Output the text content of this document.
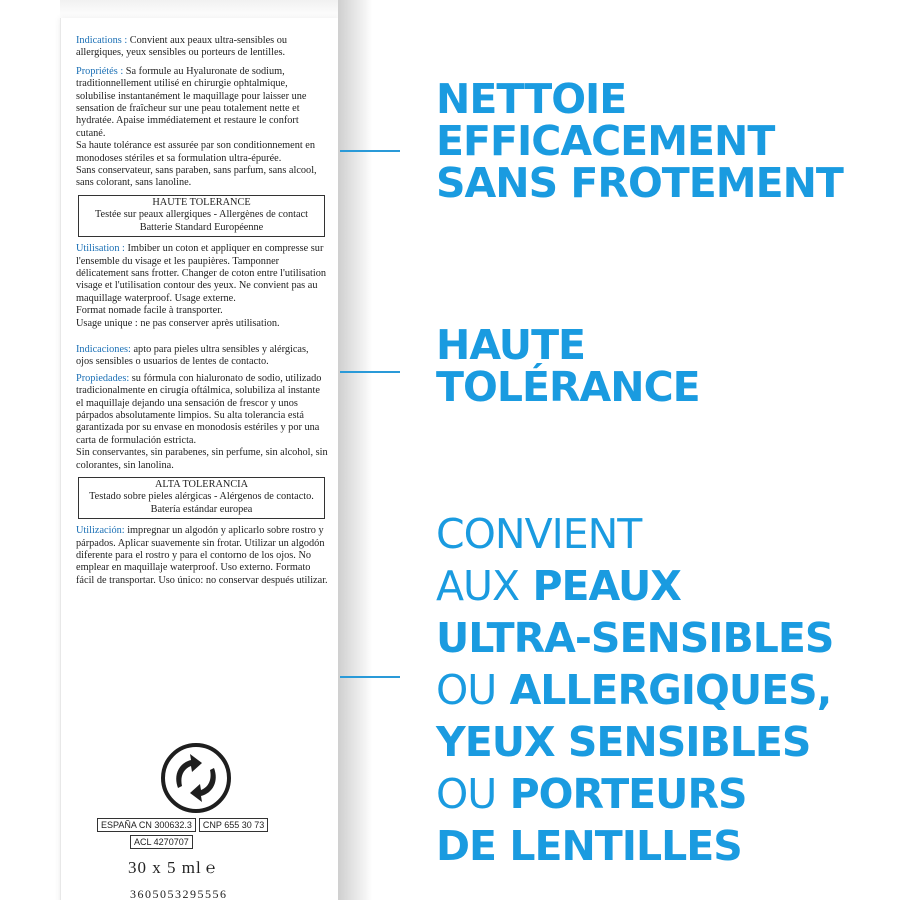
Indications : Convient aux peaux ultra-sensibles ou allergiques, yeux sensibles ou porteurs de lentilles.

Propriétés : Sa formule au Hyaluronate de sodium, traditionnellement utilisé en chirurgie ophtalmique, solubilise instantanément le maquillage pour laisser une sensation de fraîcheur sur une peau totalement nette et hydratée. Apaise immédiatement et restaure le confort cutané.

Sa haute tolérance est assurée par son conditionnement en monodoses stériles et sa formulation ultra-épurée.

Sans conservateur, sans paraben, sans parfum, sans alcool, sans colorant, sans lanoline.

HAUTE TOLERANCE
Testée sur peaux allergiques - Allergènes de contact Batterie Standard Européenne

Utilisation : Imbiber un coton et appliquer en compresse sur l'ensemble du visage et les paupières. Tamponner délicatement sans frotter. Changer de coton entre l'utilisation visage et l'utilisation contour des yeux. Ne convient pas au maquillage waterproof. Usage externe.

Format nomade facile à transporter.

Usage unique : ne pas conserver après utilisation.

Indicaciones: apto para pieles ultra sensibles y alérgicas, ojos sensibles o usuarios de lentes de contacto.

Propiedades: su fórmula con hialuronato de sodio, utilizado tradicionalmente en cirugía oftálmica, solubiliza al instante el maquillaje dejando una sensación de frescor y unos párpados absolutamente limpios. Su alta tolerancia está garantizada por su envase en monodosis estériles y por una carta de formulación estricta.

Sin conservantes, sin parabenes, sin perfume, sin alcohol, sin colorantes, sin lanolina.

ALTA TOLERANCIA
Testado sobre pieles alérgicas - Alérgenos de contacto. Batería estándar europea

Utilización: impregnar un algodón y aplicarlo sobre rostro y párpados. Aplicar suavemente sin frotar. Utilizar un algodón diferente para el rostro y para el contorno de los ojos. No emplear en maquillaje waterproof. Uso externo. Formato fácil de transportar. Uso único: no conservar después utilizar.

ESPAÑA CN 300632.3	CNP 655 30 73
ACL 4270707
30 x 5 ml ℮
3605053295556
NETTOIE
EFFICACEMENT
SANS FROTEMENT
HAUTE
TOLÉRANCE
CONVIENT
AUX PEAUX
ULTRA-SENSIBLES
OU ALLERGIQUES,
YEUX SENSIBLES
OU PORTEURS
DE LENTILLES
